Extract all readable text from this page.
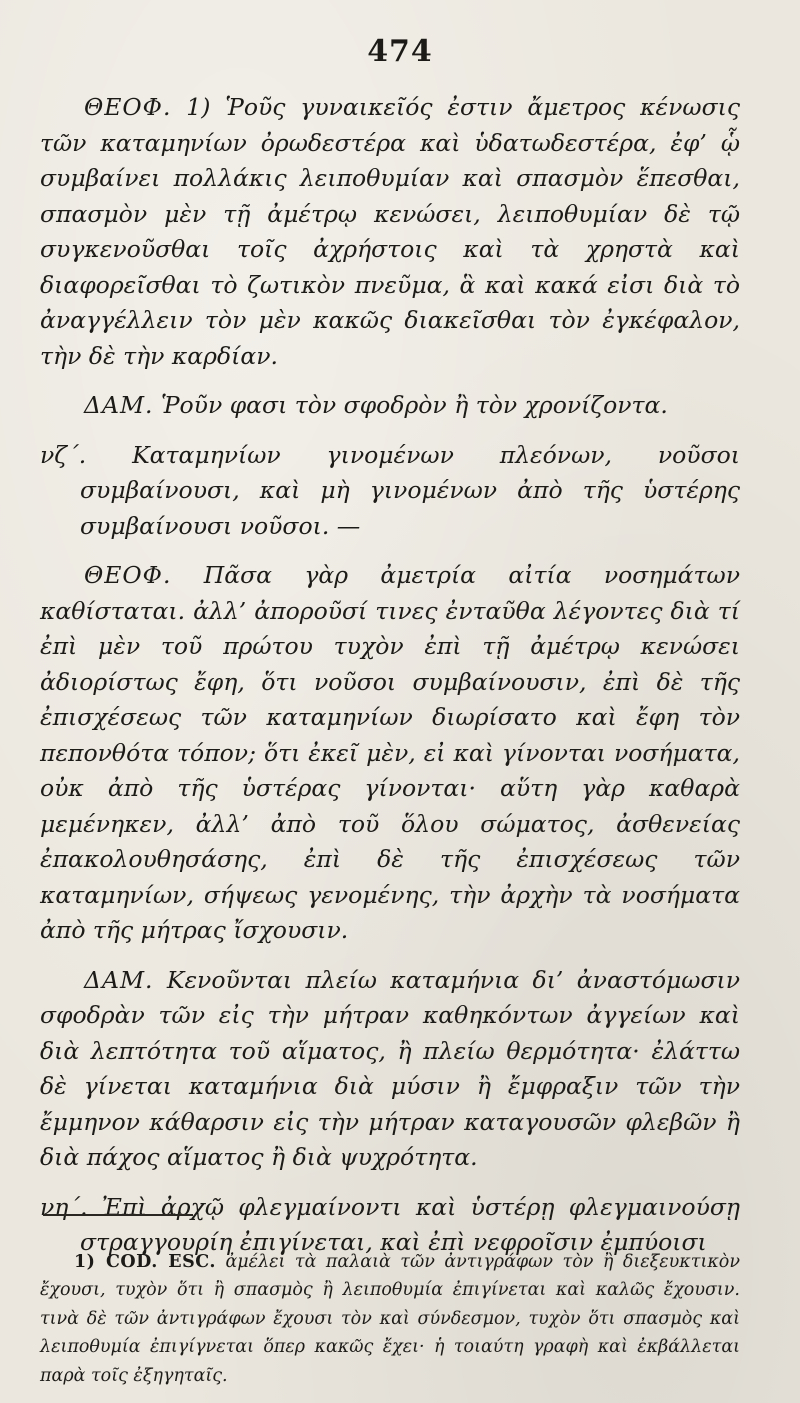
474

ΘΕΟΦ. 1) Ῥοῦς γυναικεῖός ἐστιν ἄμετρος κένωσις τῶν καταμηνίων ὀρωδεστέρα καὶ ὑδατωδεστέρα, ἐφ’ ᾧ συμβαίνει πολλάκις λειποθυμίαν καὶ σπασμὸν ἕπεσθαι, σπασμὸν μὲν τῇ ἀμέτρῳ κενώσει, λειποθυμίαν δὲ τῷ συγκενοῦσθαι τοῖς ἀχρήστοις καὶ τὰ χρηστὰ καὶ διαφορεῖσθαι τὸ ζωτικὸν πνεῦμα, ἃ καὶ κακά εἰσι διὰ τὸ ἀναγγέλλειν τὸν μὲν κακῶς διακεῖσθαι τὸν ἐγκέφαλον, τὴν δὲ τὴν καρδίαν.

ΔΑΜ. Ῥοῦν φασι τὸν σφοδρὸν ἢ τὸν χρονίζοντα.

νζ΄. Καταμηνίων γινομένων πλεόνων, νοῦσοι συμβαίνουσι, καὶ μὴ γινομένων ἀπὸ τῆς ὑστέρης συμβαίνουσι νοῦσοι. —

ΘΕΟΦ. Πᾶσα γὰρ ἀμετρία αἰτία νοσημάτων καθίσταται. ἀλλ’ ἀποροῦσί τινες ἐνταῦθα λέγοντες διὰ τί ἐπὶ μὲν τοῦ πρώτου τυχὸν ἐπὶ τῇ ἀμέτρῳ κενώσει ἀδιορίστως ἔφη, ὅτι νοῦσοι συμβαίνουσιν, ἐπὶ δὲ τῆς ἐπισχέσεως τῶν καταμηνίων διωρίσατο καὶ ἔφη τὸν πεπονθότα τόπον; ὅτι ἐκεῖ μὲν, εἰ καὶ γίνονται νοσήματα, οὐκ ἀπὸ τῆς ὑστέρας γίνονται· αὕτη γὰρ καθαρὰ μεμένηκεν, ἀλλ’ ἀπὸ τοῦ ὅλου σώματος, ἀσθενείας ἐπακολουθησάσης, ἐπὶ δὲ τῆς ἐπισχέσεως τῶν καταμηνίων, σήψεως γενομένης, τὴν ἀρχὴν τὰ νοσήματα ἀπὸ τῆς μήτρας ἴσχουσιν.

ΔΑΜ. Κενοῦνται πλείω καταμήνια δι’ ἀναστόμωσιν σφοδρὰν τῶν εἰς τὴν μήτραν καθηκόντων ἀγγείων καὶ διὰ λεπτότητα τοῦ αἵματος, ἢ πλείω θερμότητα· ἐλάττω δὲ γίνεται καταμήνια διὰ μύσιν ἢ ἔμφραξιν τῶν τὴν ἔμμηνον κάθαρσιν εἰς τὴν μήτραν καταγουσῶν φλεβῶν ἢ διὰ πάχος αἵματος ἢ διὰ ψυχρότητα.

νη΄. Ἐπὶ ἀρχῷ φλεγμαίνοντι καὶ ὑστέρῃ φλεγμαινούσῃ στραγγουρίη ἐπιγίνεται, καὶ ἐπὶ νεφροῖσιν ἐμπύοισι

1) COD. ESC. ἀμέλει τὰ παλαιὰ τῶν ἀντιγράφων τὸν ἢ διεξευκτικὸν ἔχουσι, τυχὸν ὅτι ἢ σπασμὸς ἢ λειποθυμία ἐπιγίνεται καὶ καλῶς ἔχουσιν. τινὰ δὲ τῶν ἀντιγράφων ἔχουσι τὸν καὶ σύνδεσμον, τυχὸν ὅτι σπασμὸς καὶ λειποθυμία ἐπιγίγνεται ὅπερ κακῶς ἔχει· ἡ τοιαύτη γραφὴ καὶ ἐκβάλλεται παρὰ τοῖς ἐξηγηταῖς.
